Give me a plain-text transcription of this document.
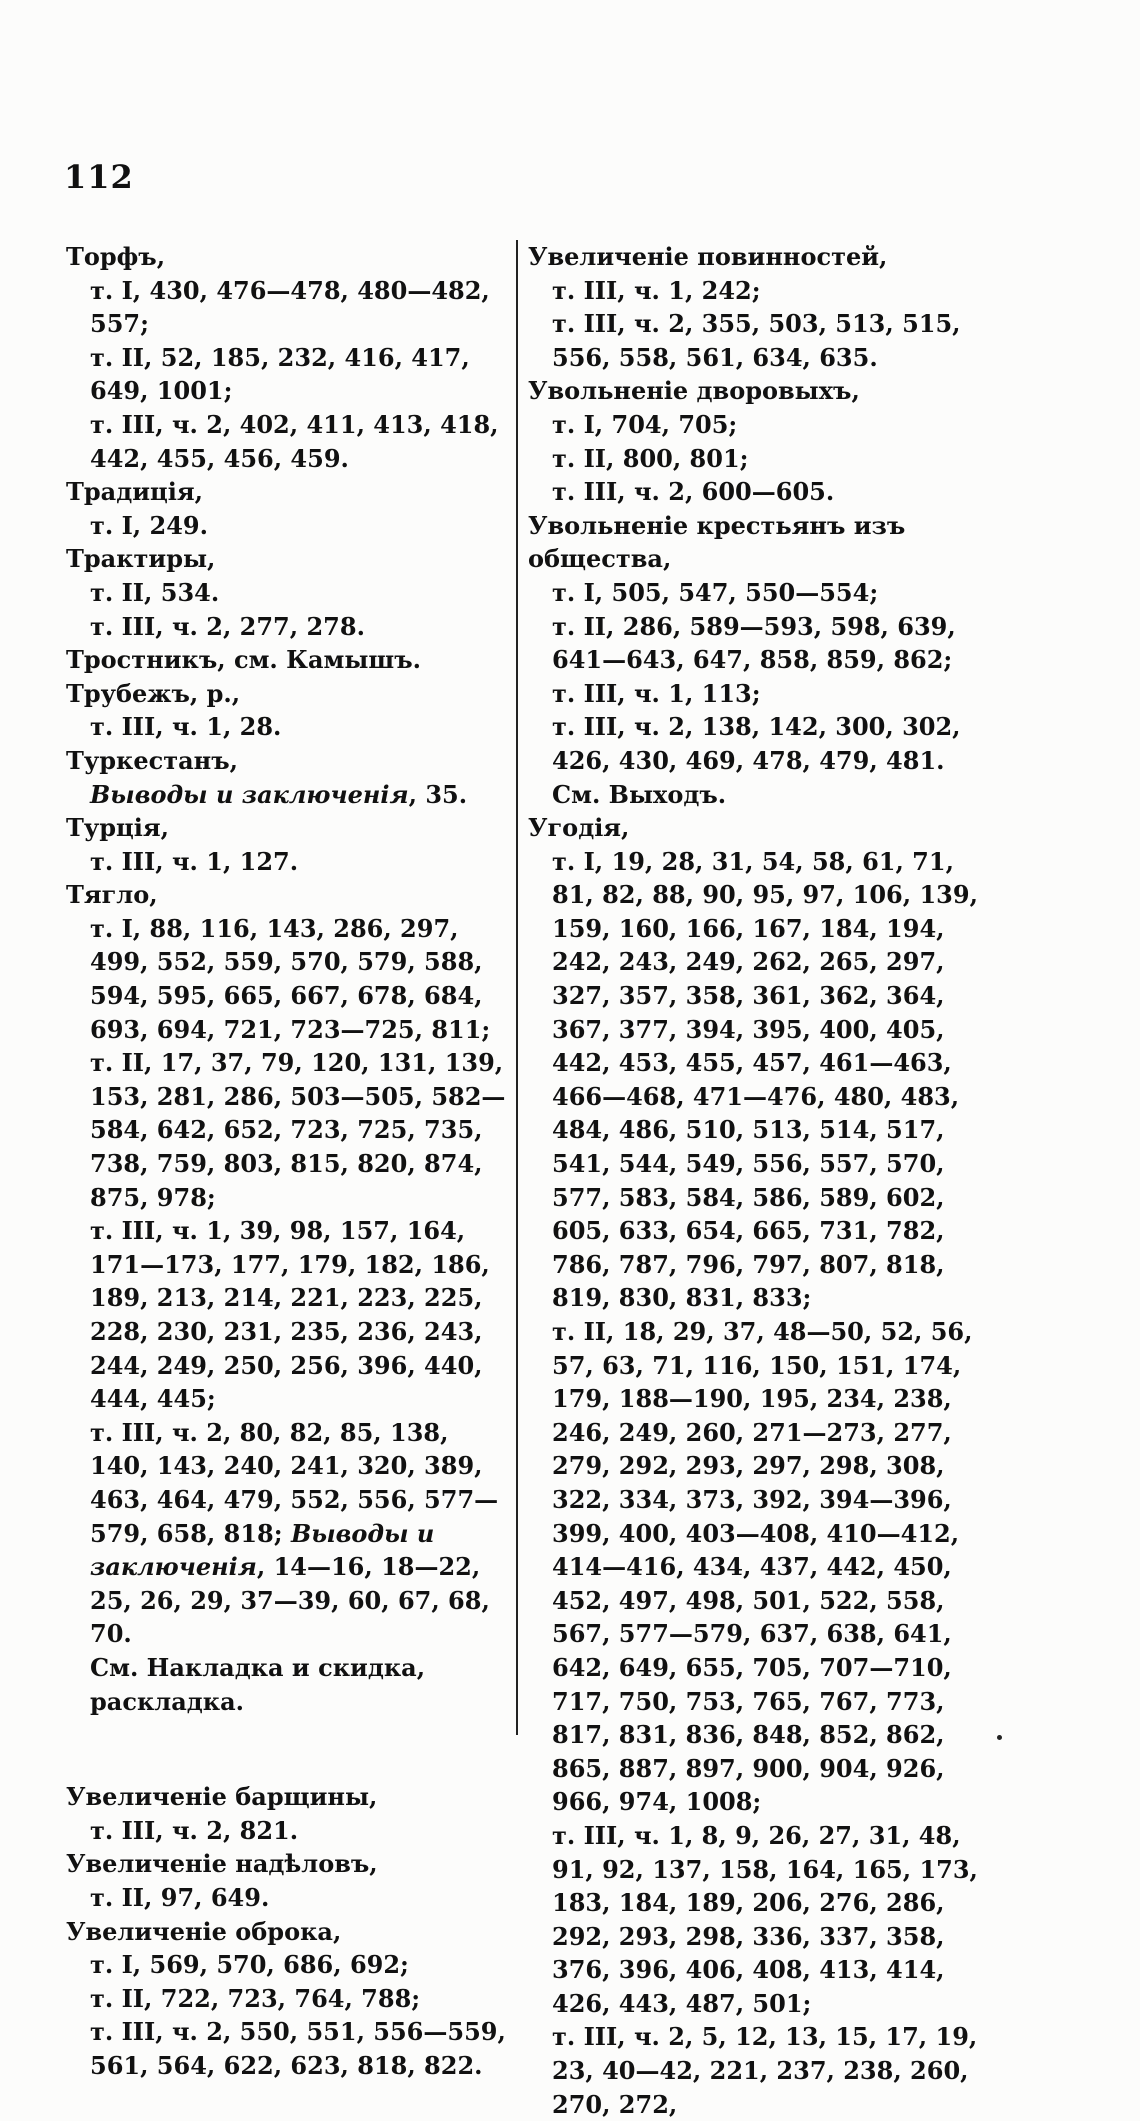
112
Торфъ,
т. I, 430, 476—478, 480—482, 557;
т. II, 52, 185, 232, 416, 417, 649, 1001;
т. III, ч. 2, 402, 411, 413, 418, 442, 455, 456, 459.
Традиція,
т. I, 249.
Трактиры,
т. II, 534.
т. III, ч. 2, 277, 278.
Тростникъ, см. Камышъ.
Трубежъ, р.,
т. III, ч. 1, 28.
Туркестанъ,
Выводы и заключенія, 35.
Турція,
т. III, ч. 1, 127.
Тягло,
т. I, 88, 116, 143, 286, 297, 499, 552, 559, 570, 579, 588, 594, 595, 665, 667, 678, 684, 693, 694, 721, 723—725, 811;
т. II, 17, 37, 79, 120, 131, 139, 153, 281, 286, 503—505, 582—584, 642, 652, 723, 725, 735, 738, 759, 803, 815, 820, 874, 875, 978;
т. III, ч. 1, 39, 98, 157, 164, 171—173, 177, 179, 182, 186, 189, 213, 214, 221, 223, 225, 228, 230, 231, 235, 236, 243, 244, 249, 250, 256, 396, 440, 444, 445;
т. III, ч. 2, 80, 82, 85, 138, 140, 143, 240, 241, 320, 389, 463, 464, 479, 552, 556, 577—579, 658, 818; Выводы и заключенія, 14—16, 18—22, 25, 26, 29, 37—39, 60, 67, 68, 70.
См. Накладка и скидка, раскладка.
Увеличеніе барщины,
т. III, ч. 2, 821.
Увеличеніе надѣловъ,
т. II, 97, 649.
Увеличеніе оброка,
т. I, 569, 570, 686, 692;
т. II, 722, 723, 764, 788;
т. III, ч. 2, 550, 551, 556—559, 561, 564, 622, 623, 818, 822.
Увеличеніе повинностей,
т. III, ч. 1, 242;
т. III, ч. 2, 355, 503, 513, 515, 556, 558, 561, 634, 635.
Увольненіе дворовыхъ,
т. I, 704, 705;
т. II, 800, 801;
т. III, ч. 2, 600—605.
Увольненіе крестьянъ изъ общества,
т. I, 505, 547, 550—554;
т. II, 286, 589—593, 598, 639, 641—643, 647, 858, 859, 862;
т. III, ч. 1, 113;
т. III, ч. 2, 138, 142, 300, 302, 426, 430, 469, 478, 479, 481.
См. Выходъ.
Угодія,
т. I, 19, 28, 31, 54, 58, 61, 71, 81, 82, 88, 90, 95, 97, 106, 139, 159, 160, 166, 167, 184, 194, 242, 243, 249, 262, 265, 297, 327, 357, 358, 361, 362, 364, 367, 377, 394, 395, 400, 405, 442, 453, 455, 457, 461—463, 466—468, 471—476, 480, 483, 484, 486, 510, 513, 514, 517, 541, 544, 549, 556, 557, 570, 577, 583, 584, 586, 589, 602, 605, 633, 654, 665, 731, 782, 786, 787, 796, 797, 807, 818, 819, 830, 831, 833;
т. II, 18, 29, 37, 48—50, 52, 56, 57, 63, 71, 116, 150, 151, 174, 179, 188—190, 195, 234, 238, 246, 249, 260, 271—273, 277, 279, 292, 293, 297, 298, 308, 322, 334, 373, 392, 394—396, 399, 400, 403—408, 410—412, 414—416, 434, 437, 442, 450, 452, 497, 498, 501, 522, 558, 567, 577—579, 637, 638, 641, 642, 649, 655, 705, 707—710, 717, 750, 753, 765, 767, 773, 817, 831, 836, 848, 852, 862, 865, 887, 897, 900, 904, 926, 966, 974, 1008;
т. III, ч. 1, 8, 9, 26, 27, 31, 48, 91, 92, 137, 158, 164, 165, 173, 183, 184, 189, 206, 276, 286, 292, 293, 298, 336, 337, 358, 376, 396, 406, 408, 413, 414, 426, 443, 487, 501;
т. III, ч. 2, 5, 12, 13, 15, 17, 19, 23, 40—42, 221, 237, 238, 260, 270, 272,
